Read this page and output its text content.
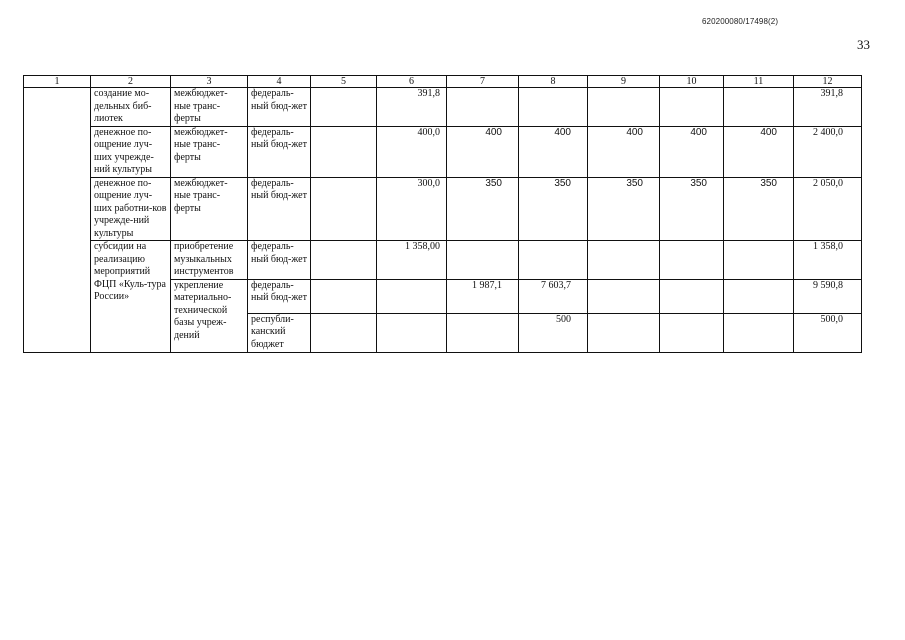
620200080/17498(2)
33
1	2	3	4	5	6	7	8	9	10	11	12
	создание мо-дельных биб-лиотек	межбюджет-ные транс-ферты	федераль-ный бюд-жет		391,8						391,8
	денежное по-ощрение луч-ших учрежде-ний культуры	межбюджет-ные транс-ферты	федераль-ный бюд-жет		400,0	400	400	400	400	400	2 400,0
	денежное по-ощрение луч-ших работни-ков учрежде-ний культуры	межбюджет-ные транс-ферты	федераль-ный бюд-жет		300,0	350	350	350	350	350	2 050,0
	субсидии на реализацию мероприятий ФЦП «Куль-тура России»	приобретение музыкальных инструментов	федераль-ный бюд-жет		1 358,00						1 358,0
		укрепление материально-технической базы учреж-дений	федераль-ный бюд-жет			1 987,1	7 603,7				9 590,8
			республи-канский бюджет				500				500,0
